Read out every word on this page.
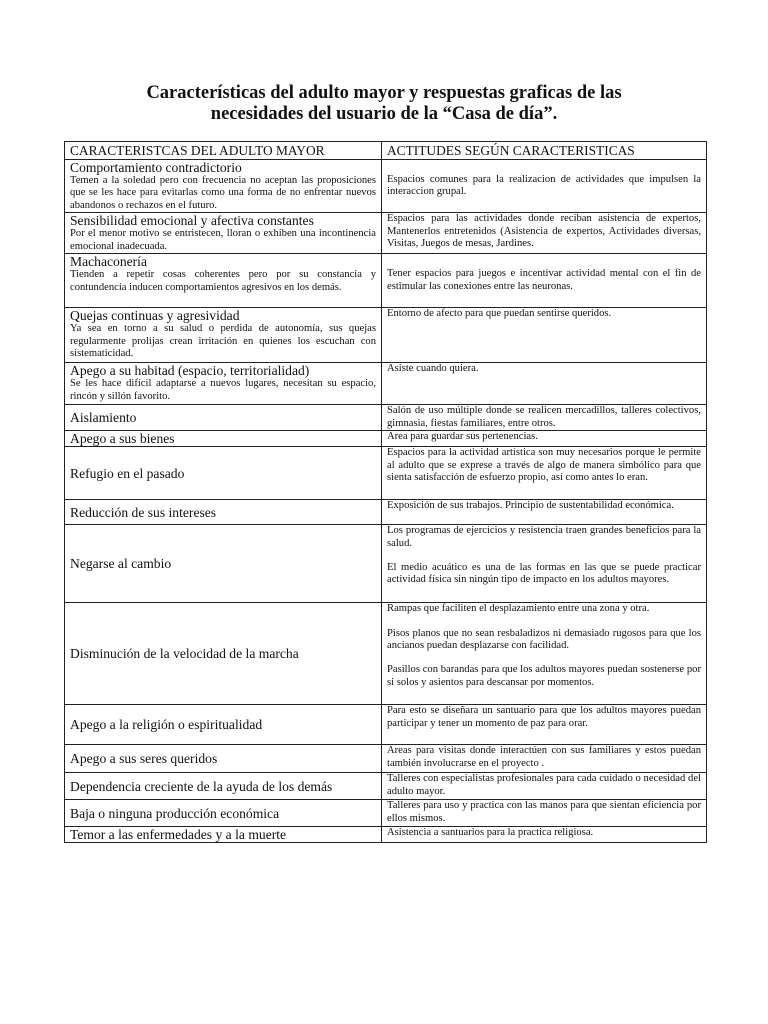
Características del adulto mayor y respuestas graficas de las
necesidades del usuario de la “Casa de día”.
CARACTERISTCAS DEL ADULTO MAYOR	ACTITUDES SEGÚN CARACTERISTICAS

Comportamiento contradictorio
Temen a la soledad pero con frecuencia no aceptan las proposiciones que se les hace para evitarlas como una forma de no enfrentar nuevos abandonos o rechazos en el futuro.	Espacios comunes para la realizacion de actividades que impulsen la interaccion grupal.

Sensibilidad emocional y afectiva constantes
Por el menor motivo se entristecen, lloran o exhiben una incontinencia emocional inadecuada.	Espacios para las actividades donde reciban asistencia de expertos, Mantenerlos entretenidos (Asistencia de expertos, Actividades diversas, Visitas, Juegos de mesas, Jardines.

Machaconería
Tienden a repetir cosas coherentes pero por su constancia y contundencia inducen comportamientos agresivos en los demás.	Tener espacios para juegos e incentivar actividad mental con el fin de estimular las conexiones entre las neuronas.

Quejas continuas y agresividad
Ya sea en torno a su salud o perdida de autonomía, sus quejas regularmente prolijas crean irritación en quienes los escuchan con sistematicidad.	Entorno de afecto para que puedan sentirse queridos.

Apego a su habitad (espacio, territorialidad)
Se les hace difícil adaptarse a nuevos lugares, necesitan su espacio, rincón y sillón favorito.	Asiste cuando quiera.

Aislamiento	Salón de uso múltiple donde se realicen mercadillos, talleres colectivos, gimnasia, fiestas familiares, entre otros.

Apego a sus bienes	Area para guardar sus pertenencias.

Refugio en el pasado	Espacios para la actividad artística son muy necesarios porque le permite al adulto que se exprese a través de algo de manera simbólico para que sienta satisfacción de esfuerzo propio, así como antes lo eran.

Reducción de sus intereses	Exposición de sus trabajos. Principio de sustentabilidad económica.

Negarse al cambio	Los programas de ejercicios y resistencia traen grandes beneficios para la salud.
El medio acuático es una de las formas en las que se puede practicar actividad física sin ningún tipo de impacto en los adultos mayores.

Disminución de la velocidad de la marcha	Rampas que faciliten el desplazamiento entre una zona y otra.
Pisos planos que no sean resbaladizos ni demasiado rugosos para que los ancianos puedan desplazarse con facilidad.
Pasillos con barandas para que los adultos mayores puedan sostenerse por si solos y asientos para descansar por momentos.

Apego a la religión o espiritualidad	Para esto se diseñara un santuario para que los adultos mayores puedan participar y tener un momento de paz para orar.

Apego a sus seres queridos	Areas para visitas donde interactúen con sus familiares y estos puedan también involucrarse en el proyecto .

Dependencia creciente de la ayuda de los demás	Talleres con especialistas profesionales para cada cuidado o necesidad del adulto mayor.

Baja o ninguna producción económica	Talleres para uso y practica con las manos para que sientan eficiencia por ellos mismos.

Temor a las enfermedades y a la muerte	Asistencia a santuarios para la practica religiosa.
